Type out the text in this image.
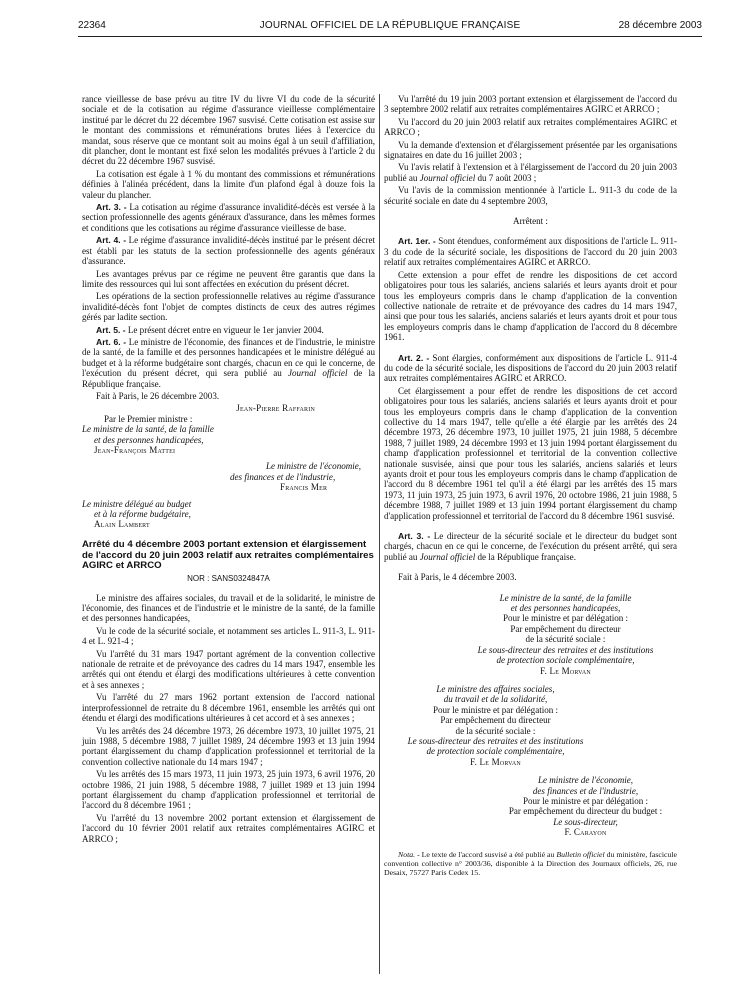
22364	JOURNAL OFFICIEL DE LA RÉPUBLIQUE FRANÇAISE	28 décembre 2003

rance vieillesse de base prévu au titre IV du livre VI du code de la sécurité sociale et de la cotisation au régime d'assurance vieillesse complémentaire institué par le décret du 22 décembre 1967 susvisé. Cette cotisation est assise sur le montant des commissions et rémunérations brutes liées à l'exercice du mandat, sous réserve que ce montant soit au moins égal à un seuil d'affiliation, dit plancher, dont le montant est fixé selon les modalités prévues à l'article 2 du décret du 22 décembre 1967 susvisé.

La cotisation est égale à 1 % du montant des commissions et rémunérations définies à l'alinéa précédent, dans la limite d'un plafond égal à douze fois la valeur du plancher.

Art. 3. - La cotisation au régime d'assurance invalidité-décès est versée à la section professionnelle des agents généraux d'assurance, dans les mêmes formes et conditions que les cotisations au régime d'assurance vieillesse de base.

Art. 4. - Le régime d'assurance invalidité-décès institué par le présent décret est établi par les statuts de la section professionnelle des agents généraux d'assurance.

Les avantages prévus par ce régime ne peuvent être garantis que dans la limite des ressources qui lui sont affectées en exécution du présent décret.

Les opérations de la section professionnelle relatives au régime d'assurance invalidité-décès font l'objet de comptes distincts de ceux des autres régimes gérés par ladite section.

Art. 5. - Le présent décret entre en vigueur le 1er janvier 2004.

Art. 6. - Le ministre de l'économie, des finances et de l'industrie, le ministre de la santé, de la famille et des personnes handicapées et le ministre délégué au budget et à la réforme budgétaire sont chargés, chacun en ce qui le concerne, de l'exécution du présent décret, qui sera publié au Journal officiel de la République française.

Fait à Paris, le 26 décembre 2003.

Jean-Pierre Raffarin

Par le Premier ministre :

Le ministre de la santé, de la famille

et des personnes handicapées,

Jean-François Mattei

Le ministre de l'économie,

des finances et de l'industrie,

Francis Mer

Le ministre délégué au budget

et à la réforme budgétaire,

Alain Lambert

Arrêté du 4 décembre 2003 portant extension et élargissement de l'accord du 20 juin 2003 relatif aux retraites complémentaires AGIRC et ARRCO

NOR : SANS0324847A

Le ministre des affaires sociales, du travail et de la solidarité, le ministre de l'économie, des finances et de l'industrie et le ministre de la santé, de la famille et des personnes handicapées,

Vu le code de la sécurité sociale, et notamment ses articles L. 911-3, L. 911-4 et L. 921-4 ;

Vu l'arrêté du 31 mars 1947 portant agrément de la convention collective nationale de retraite et de prévoyance des cadres du 14 mars 1947, ensemble les arrêtés qui ont étendu et élargi des modifications ultérieures à cette convention et à ses annexes ;

Vu l'arrêté du 27 mars 1962 portant extension de l'accord national interprofessionnel de retraite du 8 décembre 1961, ensemble les arrêtés qui ont étendu et élargi des modifications ultérieures à cet accord et à ses annexes ;

Vu les arrêtés des 24 décembre 1973, 26 décembre 1973, 10 juillet 1975, 21 juin 1988, 5 décembre 1988, 7 juillet 1989, 24 décembre 1993 et 13 juin 1994 portant élargissement du champ d'application professionnel et territorial de la convention collective nationale du 14 mars 1947 ;

Vu les arrêtés des 15 mars 1973, 11 juin 1973, 25 juin 1973, 6 avril 1976, 20 octobre 1986, 21 juin 1988, 5 décembre 1988, 7 juillet 1989 et 13 juin 1994 portant élargissement du champ d'application professionnel et territorial de l'accord du 8 décembre 1961 ;

Vu l'arrêté du 13 novembre 2002 portant extension et élargissement de l'accord du 10 février 2001 relatif aux retraites complémentaires AGIRC et ARRCO ;

Vu l'arrêté du 19 juin 2003 portant extension et élargissement de l'accord du 3 septembre 2002 relatif aux retraites complémentaires AGIRC et ARRCO ;

Vu l'accord du 20 juin 2003 relatif aux retraites complémentaires AGIRC et ARRCO ;

Vu la demande d'extension et d'élargissement présentée par les organisations signataires en date du 16 juillet 2003 ;

Vu l'avis relatif à l'extension et à l'élargissement de l'accord du 20 juin 2003 publié au Journal officiel du 7 août 2003 ;

Vu l'avis de la commission mentionnée à l'article L. 911-3 du code de la sécurité sociale en date du 4 septembre 2003,

Arrêtent :

Art. 1er. - Sont étendues, conformément aux dispositions de l'article L. 911-3 du code de la sécurité sociale, les dispositions de l'accord du 20 juin 2003 relatif aux retraites complémentaires AGIRC et ARRCO.

Cette extension a pour effet de rendre les dispositions de cet accord obligatoires pour tous les salariés, anciens salariés et leurs ayants droit et pour tous les employeurs compris dans le champ d'application de la convention collective nationale de retraite et de prévoyance des cadres du 14 mars 1947, ainsi que pour tous les salariés, anciens salariés et leurs ayants droit et pour tous les employeurs compris dans le champ d'application de l'accord du 8 décembre 1961.

Art. 2. - Sont élargies, conformément aux dispositions de l'article L. 911-4 du code de la sécurité sociale, les dispositions de l'accord du 20 juin 2003 relatif aux retraites complémentaires AGIRC et ARRCO.

Cet élargissement a pour effet de rendre les dispositions de cet accord obligatoires pour tous les salariés, anciens salariés et leurs ayants droit et pour tous les employeurs compris dans le champ d'application de la convention collective du 14 mars 1947, telle qu'elle a été élargie par les arrêtés des 24 décembre 1973, 26 décembre 1973, 10 juillet 1975, 21 juin 1988, 5 décembre 1988, 7 juillet 1989, 24 décembre 1993 et 13 juin 1994 portant élargissement du champ d'application professionnel et territorial de la convention collective nationale susvisée, ainsi que pour tous les salariés, anciens salariés et leurs ayants droit et pour tous les employeurs compris dans le champ d'application de l'accord du 8 décembre 1961 tel qu'il a été élargi par les arrêtés des 15 mars 1973, 11 juin 1973, 25 juin 1973, 6 avril 1976, 20 octobre 1986, 21 juin 1988, 5 décembre 1988, 7 juillet 1989 et 13 juin 1994 portant élargissement du champ d'application professionnel et territorial de l'accord du 8 décembre 1961 susvisé.

Art. 3. - Le directeur de la sécurité sociale et le directeur du budget sont chargés, chacun en ce qui le concerne, de l'exécution du présent arrêté, qui sera publié au Journal officiel de la République française.

Fait à Paris, le 4 décembre 2003.

Le ministre de la santé, de la famille

et des personnes handicapées,

Pour le ministre et par délégation :

Par empêchement du directeur

de la sécurité sociale :

Le sous-directeur des retraites et des institutions

de protection sociale complémentaire,

F. Le Morvan

Le ministre des affaires sociales,

du travail et de la solidarité,

Pour le ministre et par délégation :

Par empêchement du directeur

de la sécurité sociale :

Le sous-directeur des retraites et des institutions

de protection sociale complémentaire,

F. Le Morvan

Le ministre de l'économie,

des finances et de l'industrie,

Pour le ministre et par délégation :

Par empêchement du directeur du budget :

Le sous-directeur,

F. Carayon

Nota. - Le texte de l'accord susvisé a été publié au Bulletin officiel du ministère, fascicule convention collective n° 2003/36, disponible à la Direction des Journaux officiels, 26, rue Desaix, 75727 Paris Cedex 15.
